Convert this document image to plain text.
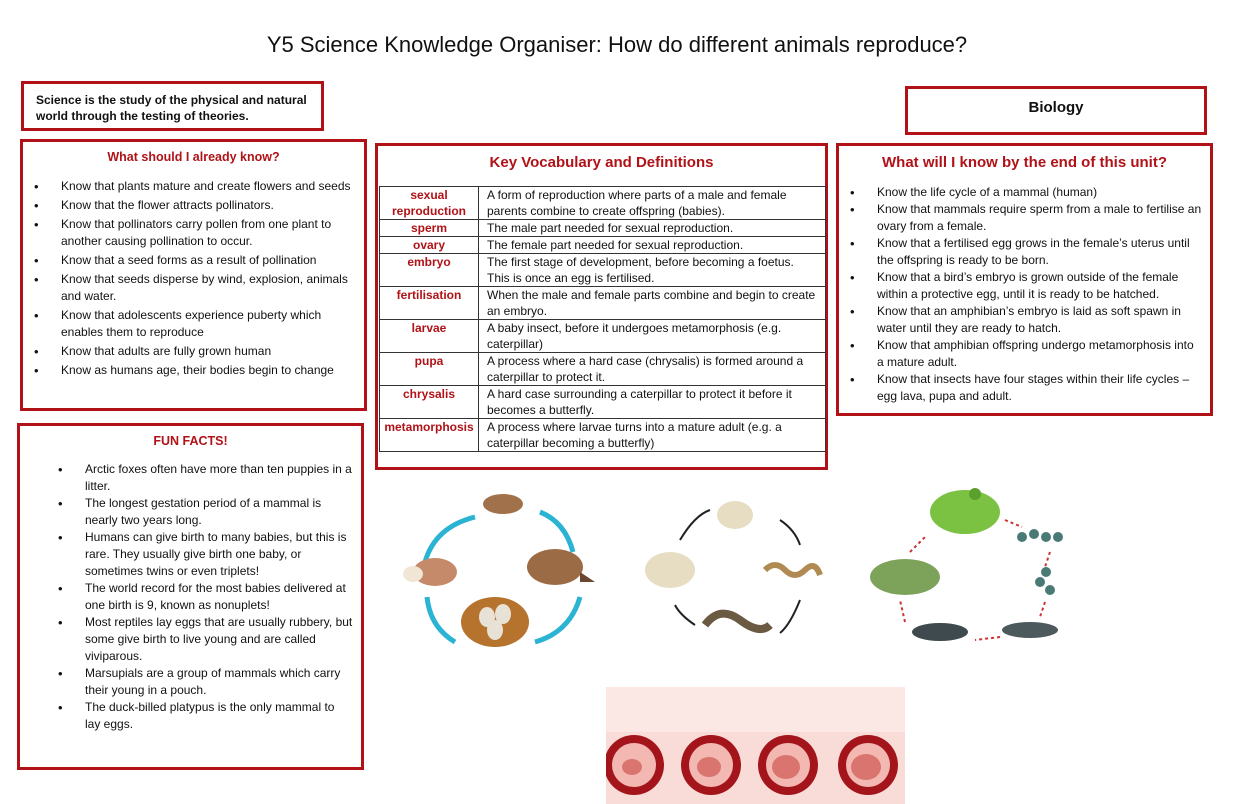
Y5 Science Knowledge Organiser: How do different animals reproduce?
Science is the study of the physical and natural world through the testing of theories.	Biology
What should I already know?
• Know that plants mature and create flowers and seeds
• Know that the flower attracts pollinators.
• Know that pollinators carry pollen from one plant to another causing pollination to occur.
• Know that a seed forms as a result of pollination
• Know that seeds disperse by wind, explosion, animals and water.
• Know that adolescents experience puberty which enables them to reproduce
• Know that adults are fully grown human
• Know as humans age, their bodies begin to change
FUN FACTS!
• Arctic foxes often have more than ten puppies in a litter.
• The longest gestation period of a mammal is nearly two years long.
• Humans can give birth to many babies, but this is rare. They usually give birth one baby, or sometimes twins or even triplets!
• The world record for the most babies delivered at one birth is 9, known as nonuplets!
• Most reptiles lay eggs that are usually rubbery, but some give birth to live young and are called viviparous.
• Marsupials are a group of mammals which carry their young in a pouch.
• The duck-billed platypus is the only mammal to lay eggs.
Key Vocabulary and Definitions
sexual reproduction	A form of reproduction where parts of a male and female parents combine to create offspring (babies).
sperm	The male part needed for sexual reproduction.
ovary	The female part needed for sexual reproduction.
embryo	The first stage of development, before becoming a foetus. This is once an egg is fertilised.
fertilisation	When the male and female parts combine and begin to create an embryo.
larvae	A baby insect, before it undergoes metamorphosis (e.g. caterpillar)
pupa	A process where a hard case (chrysalis) is formed around a caterpillar to protect it.
chrysalis	A hard case surrounding a caterpillar to protect it before it becomes a butterfly.
metamorphosis	A process where larvae turns into a mature adult (e.g. a caterpillar becoming a butterfly)
What will I know by the end of this unit?
• Know the life cycle of a mammal (human)
• Know that mammals require sperm from a male to fertilise an ovary from a female.
• Know that a fertilised egg grows in the female’s uterus until the offspring is ready to be born.
• Know that a bird’s embryo is grown outside of the female within a protective egg, until it is ready to be hatched.
• Know that an amphibian’s embryo is laid as soft spawn in water until they are ready to hatch.
• Know that amphibian offspring undergo metamorphosis into a mature adult.
• Know that insects have four stages within their life cycles – egg lava, pupa and adult.
